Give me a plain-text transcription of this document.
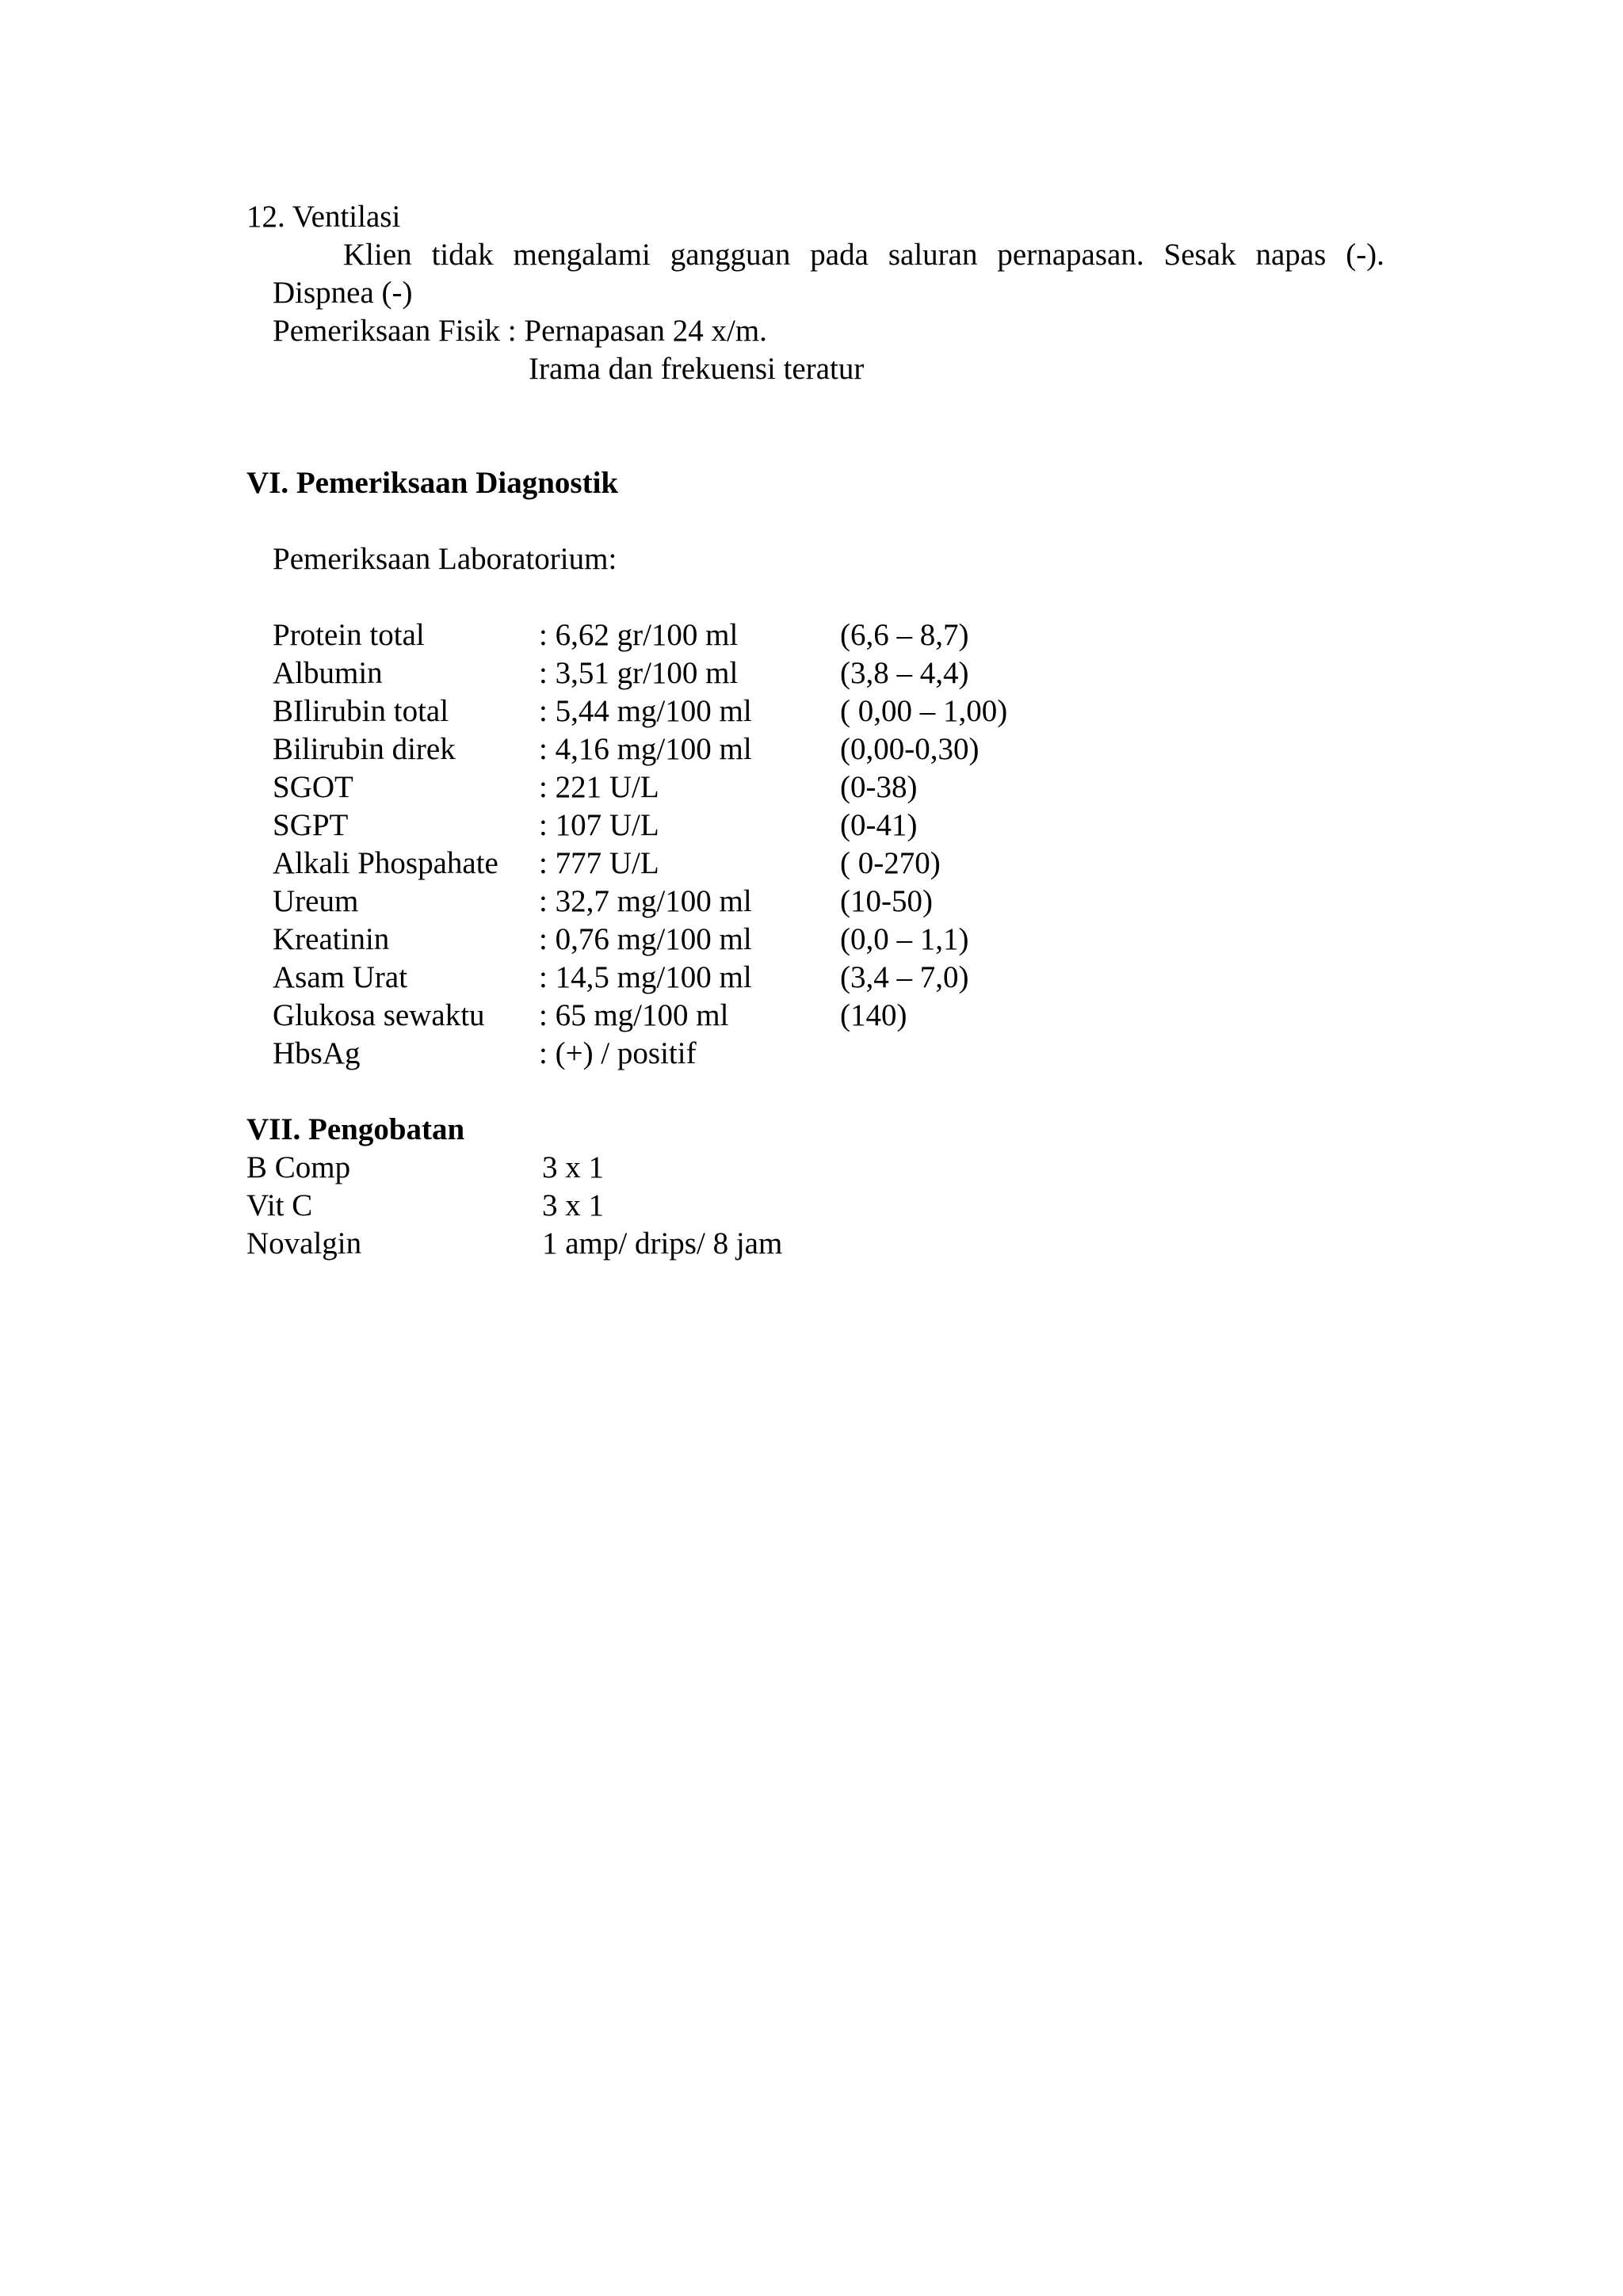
12. Ventilasi
Klien tidak mengalami gangguan pada saluran pernapasan. Sesak napas (-).
Dispnea (-)
Pemeriksaan Fisik : Pernapasan 24 x/m.
Irama dan frekuensi teratur
VI. Pemeriksaan Diagnostik
Pemeriksaan Laboratorium:
Protein total	: 6,62 gr/100 ml	(6,6 – 8,7)
Albumin	: 3,51 gr/100 ml	(3,8 – 4,4)
BIlirubin total	: 5,44 mg/100 ml	( 0,00 – 1,00)
Bilirubin direk	: 4,16 mg/100 ml	(0,00-0,30)
SGOT	: 221 U/L	(0-38)
SGPT	: 107 U/L	(0-41)
Alkali Phospahate : 777 U/L	( 0-270)
Ureum	: 32,7 mg/100 ml	(10-50)
Kreatinin	: 0,76 mg/100 ml	(0,0 – 1,1)
Asam Urat	: 14,5 mg/100 ml	(3,4 – 7,0)
Glukosa sewaktu : 65 mg/100 ml	(140)
HbsAg	: (+) / positif
VII. Pengobatan
B Comp	3 x 1
Vit C	3 x 1
Novalgin	1 amp/ drips/ 8 jam
